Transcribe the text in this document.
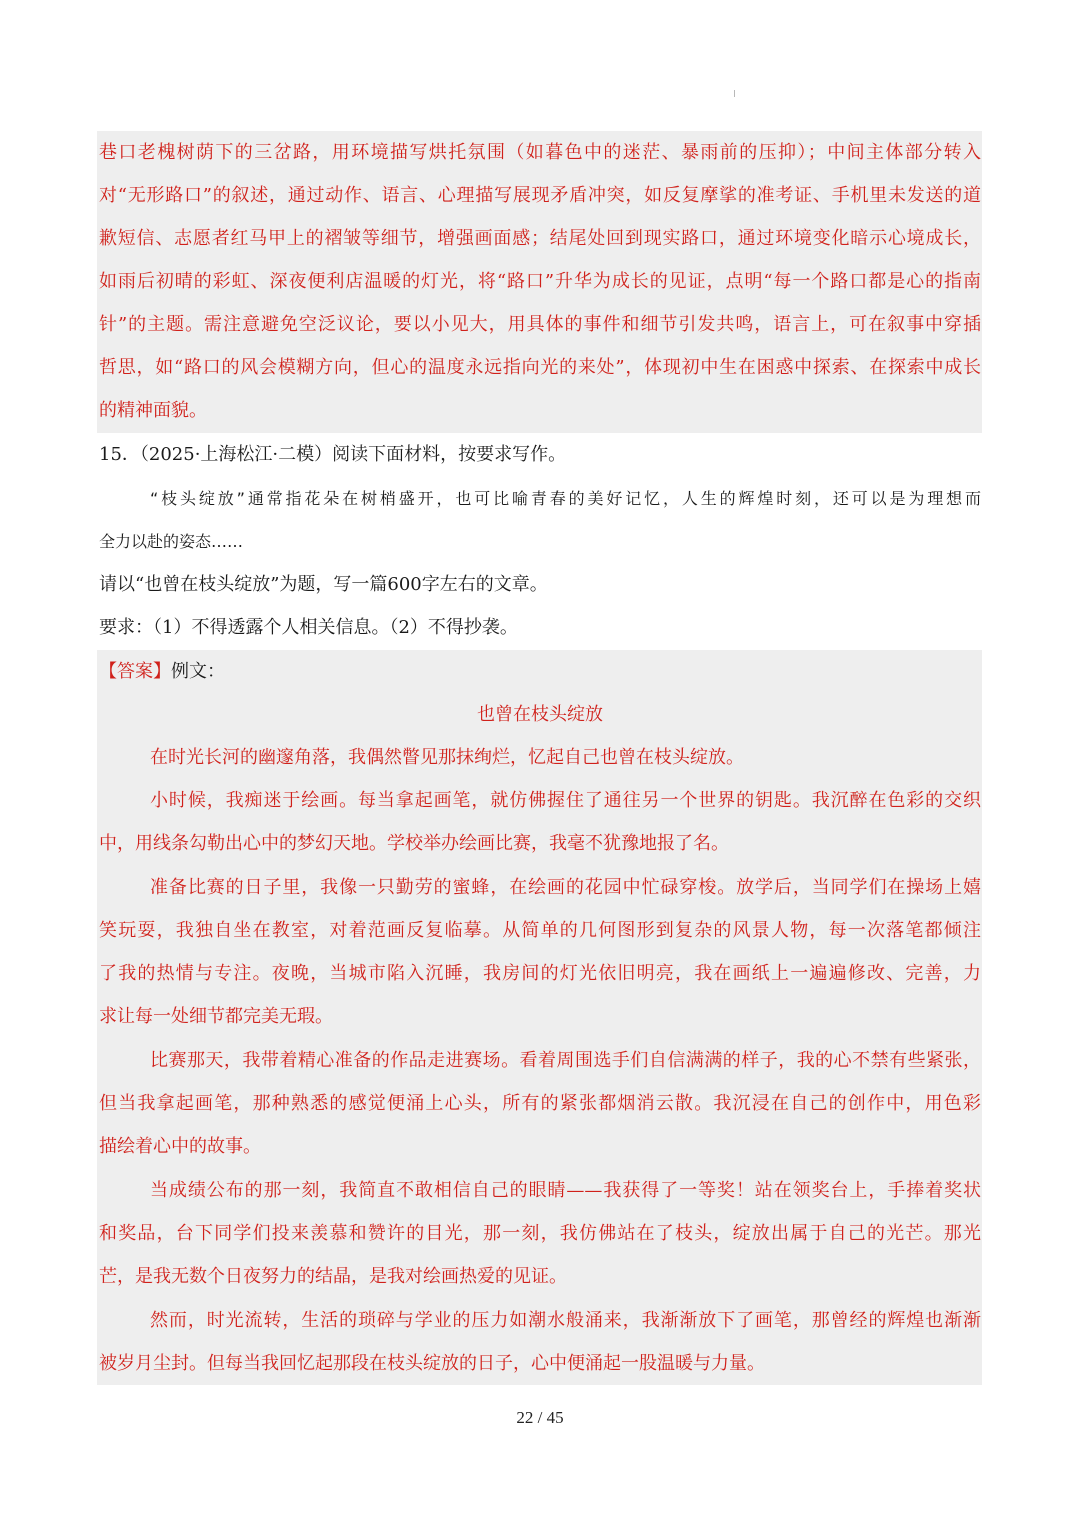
巷口老槐树荫下的三岔路，用环境描写烘托氛围（如暮色中的迷茫、暴雨前的压抑）；中间主体部分转入
对“无形路口”的叙述，通过动作、语言、心理描写展现矛盾冲突，如反复摩挲的准考证、手机里未发送的道
歉短信、志愿者红马甲上的褶皱等细节，增强画面感；结尾处回到现实路口，通过环境变化暗示心境成长，
如雨后初晴的彩虹、深夜便利店温暖的灯光，将“路口”升华为成长的见证，点明“每一个路口都是心的指南
针”的主题。需注意避免空泛议论，要以小见大，用具体的事件和细节引发共鸣，语言上，可在叙事中穿插
哲思，如“路口的风会模糊方向，但心的温度永远指向光的来处”，体现初中生在困惑中探索、在探索中成长
的精神面貌。
15．（2025·上海松江·二模）阅读下面材料，按要求写作。
“枝头绽放”通常指花朵在树梢盛开，也可比喻青春的美好记忆，人生的辉煌时刻，还可以是为理想而
全力以赴的姿态……
请以“也曾在枝头绽放”为题，写一篇600字左右的文章。
要求：（1）不得透露个人相关信息。（2）不得抄袭。
【答案】例文：
也曾在枝头绽放
在时光长河的幽邃角落，我偶然瞥见那抹绚烂，忆起自己也曾在枝头绽放。
小时候，我痴迷于绘画。每当拿起画笔，就仿佛握住了通往另一个世界的钥匙。我沉醉在色彩的交织
中，用线条勾勒出心中的梦幻天地。学校举办绘画比赛，我毫不犹豫地报了名。
准备比赛的日子里，我像一只勤劳的蜜蜂，在绘画的花园中忙碌穿梭。放学后，当同学们在操场上嬉
笑玩耍，我独自坐在教室，对着范画反复临摹。从简单的几何图形到复杂的风景人物，每一次落笔都倾注
了我的热情与专注。夜晚，当城市陷入沉睡，我房间的灯光依旧明亮，我在画纸上一遍遍修改、完善，力
求让每一处细节都完美无瑕。
比赛那天，我带着精心准备的作品走进赛场。看着周围选手们自信满满的样子，我的心不禁有些紧张，
但当我拿起画笔，那种熟悉的感觉便涌上心头，所有的紧张都烟消云散。我沉浸在自己的创作中，用色彩
描绘着心中的故事。
当成绩公布的那一刻，我简直不敢相信自己的眼睛——我获得了一等奖！站在领奖台上，手捧着奖状
和奖品，台下同学们投来羡慕和赞许的目光，那一刻，我仿佛站在了枝头，绽放出属于自己的光芒。那光
芒，是我无数个日夜努力的结晶，是我对绘画热爱的见证。
然而，时光流转，生活的琐碎与学业的压力如潮水般涌来，我渐渐放下了画笔，那曾经的辉煌也渐渐
被岁月尘封。但每当我回忆起那段在枝头绽放的日子，心中便涌起一股温暖与力量。
22 / 45
